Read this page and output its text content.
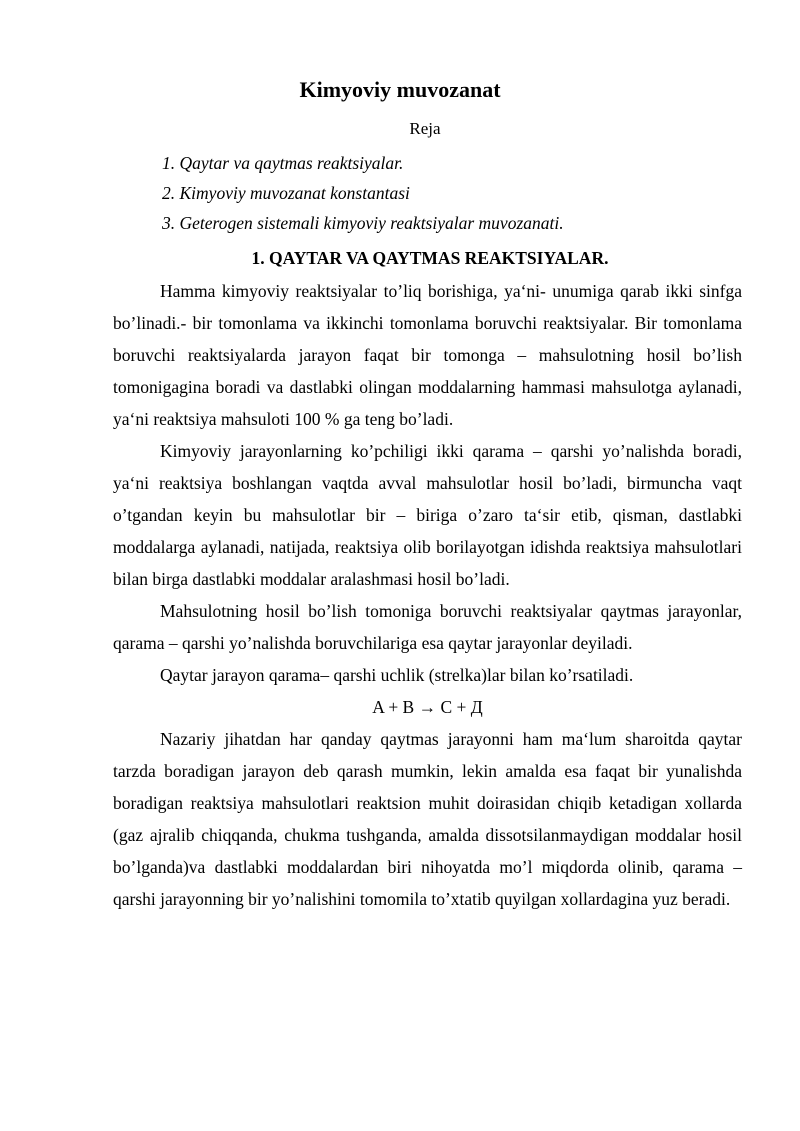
Kimyoviy muvozanat
Reja
1. Qaytar va qaytmas reaktsiyalar.
2. Kimyoviy muvozanat konstantasi
3. Geterogen sistemali kimyoviy reaktsiyalar muvozanati.
1. QAYTAR VA QAYTMAS REAKTSIYALAR.

Hamma kimyoviy reaktsiyalar to’liq borishiga, ya‘ni- unumiga qarab ikki sinfga bo’linadi.- bir tomonlama va ikkinchi tomonlama boruvchi reaktsiyalar. Bir tomonlama boruvchi reaktsiyalarda jarayon faqat bir tomonga – mahsulotning hosil bo’lish tomonigagina boradi va dastlabki olingan moddalarning hammasi mahsulotga aylanadi, ya‘ni reaktsiya mahsuloti 100 % ga teng bo’ladi.

Kimyoviy jarayonlarning ko’pchiligi ikki qarama – qarshi yo’nalishda boradi, ya‘ni reaktsiya boshlangan vaqtda avval mahsulotlar hosil bo’ladi, birmuncha vaqt o’tgandan keyin bu mahsulotlar bir – biriga o’zaro ta‘sir etib, qisman, dastlabki moddalarga aylanadi, natijada, reaktsiya olib borilayotgan idishda reaktsiya mahsulotlari bilan birga dastlabki moddalar aralashmasi hosil bo’ladi.

Mahsulotning hosil bo’lish tomoniga boruvchi reaktsiyalar qaytmas jarayonlar, qarama – qarshi yo’nalishda boruvchilariga esa qaytar jarayonlar deyiladi.

Qaytar jarayon qarama– qarshi uchlik (strelka)lar bilan ko’rsatiladi.

A + B → C + Д

Nazariy jihatdan har qanday qaytmas jarayonni ham ma‘lum sharoitda qaytar tarzda boradigan jarayon deb qarash mumkin, lekin amalda esa faqat bir yunalishda boradigan reaktsiya mahsulotlari reaktsion muhit doirasidan chiqib ketadigan xollarda (gaz ajralib chiqqanda, chukma tushganda, amalda dissotsilanmaydigan moddalar hosil bo’lganda)va dastlabki moddalardan biri nihoyatda mo’l miqdorda olinib, qarama – qarshi jarayonning bir yo’nalishini tomomila to’xtatib quyilgan xollardagina yuz beradi.
